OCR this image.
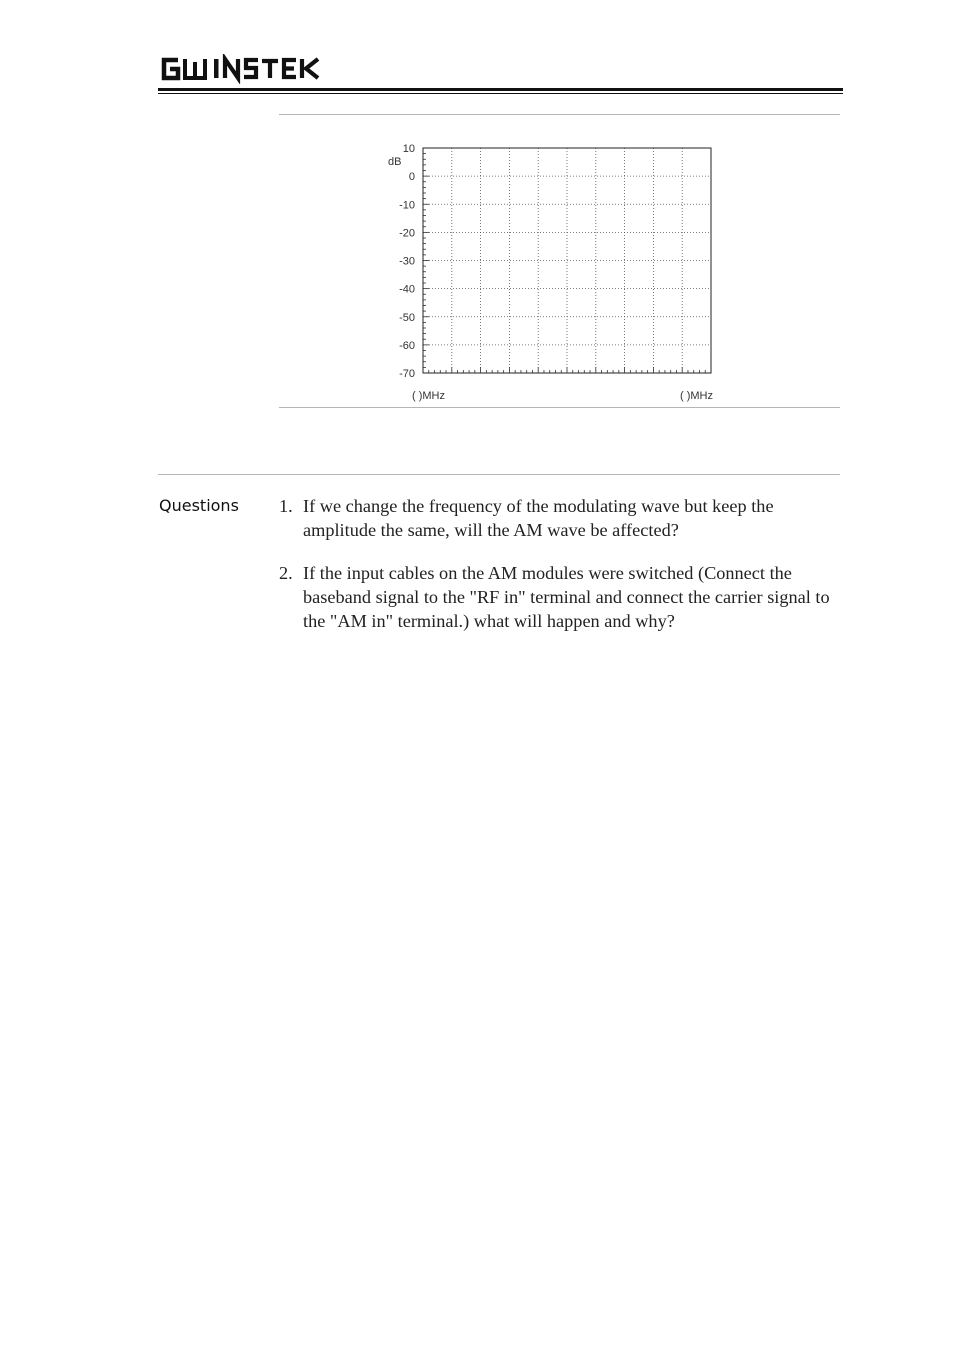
10
0
-10
-20
-30
-40
-50
-60
-70
dB
( )MHz	( )MHz
Questions 1. If we change the frequency of the modulating wave but keep the amplitude the same, will the AM wave be affected?
2. If the input cables on the AM modules were switched (Connect the baseband signal to the "RF in" terminal and connect the carrier signal to the "AM in" terminal.) what will happen and why?
